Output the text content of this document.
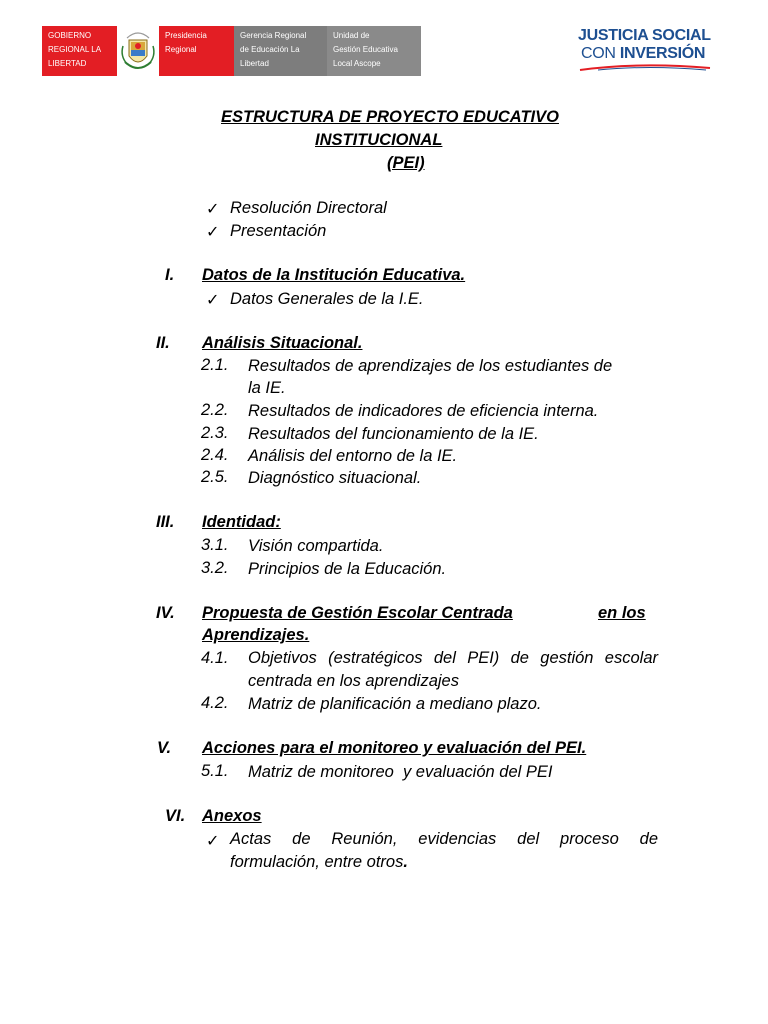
GOBIERNO
REGIONAL LA
LIBERTAD
Presidencia
Regional
Gerencia Regional
de Educación La
Libertad
Unidad de
Gestión Educativa
Local Ascope
JUSTICIA SOCIAL
CON INVERSIÓN
ESTRUCTURA DE PROYECTO EDUCATIVO
INSTITUCIONAL
(PEI)
✓ Resolución Directoral
✓ Presentación
I. Datos de la Institución Educativa.
✓ Datos Generales de la I.E.
II. Análisis Situacional.
2.1. Resultados de aprendizajes de los estudiantes de
la IE.
2.2. Resultados de indicadores de eficiencia interna.
2.3. Resultados del funcionamiento de la IE.
2.4. Análisis del entorno de la IE.
2.5. Diagnóstico situacional.
III. Identidad:
3.1. Visión compartida.
3.2. Principios de la Educación.
IV. Propuesta de Gestión Escolar Centrada	en los
Aprendizajes.
4.1. Objetivos (estratégicos del PEI) de gestión escolar
centrada en los aprendizajes
4.2. Matriz de planificación a mediano plazo.
V. Acciones para el monitoreo y evaluación del PEI.
5.1. Matriz de monitoreo  y evaluación del PEI
VI. Anexos
✓ Actas de Reunión, evidencias del proceso de
formulación, entre otros.
